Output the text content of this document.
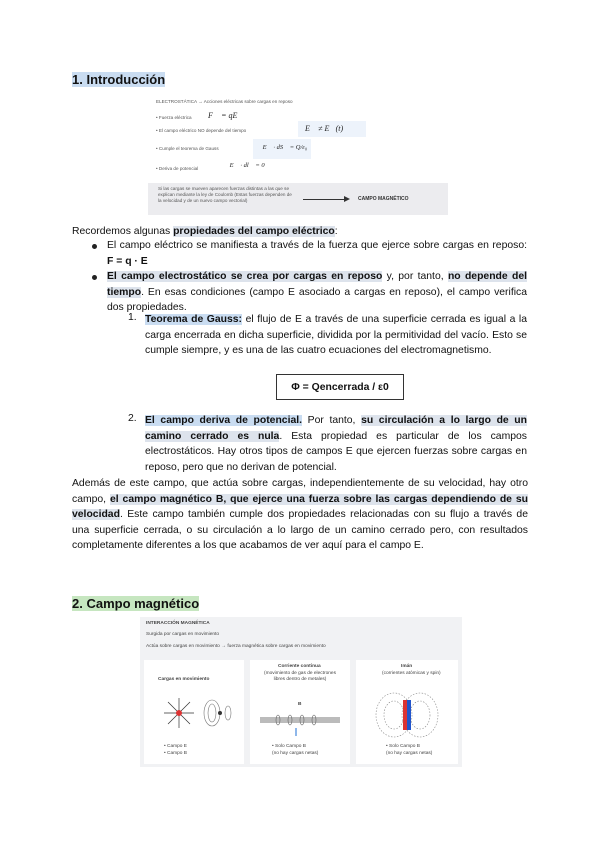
1. Introducción
ELECTROSTÁTICA → Acciones eléctricas sobre cargas en reposo
• Fuerza eléctrica F⃗ = qE⃗
• El campo eléctrico NO depende del tiempo	E⃗ ≠ E⃗(t)
• Cumple el teorema de Gauss	∯ E⃗ · dS⃗ = Q/ε₀
• Deriva de potencial	∮ E⃗ · dl⃗ = 0
Si las cargas se mueven aparecen fuerzas distintas a las que se explican mediante la ley de Coulomb (Estas fuerzas dependen de la velocidad y de un nuevo campo vectorial)	CAMPO MAGNÉTICO
Recordemos algunas propiedades del campo eléctrico:
El campo eléctrico se manifiesta a través de la fuerza que ejerce sobre cargas en reposo: F = q · E
El campo electrostático se crea por cargas en reposo y, por tanto, no depende del tiempo. En esas condiciones (campo E asociado a cargas en reposo), el campo verifica dos propiedades.
1. Teorema de Gauss: el flujo de E a través de una superficie cerrada es igual a la carga encerrada en dicha superficie, dividida por la permitividad del vacío. Esto se cumple siempre, y es una de las cuatro ecuaciones del electromagnetismo.
Φ = Qencerrada / ε0
2. El campo deriva de potencial. Por tanto, su circulación a lo largo de un camino cerrado es nula. Esta propiedad es particular de los campos electrostáticos. Hay otros tipos de campos E que ejercen fuerzas sobre cargas en reposo, pero que no derivan de potencial.
Además de este campo, que actúa sobre cargas, independientemente de su velocidad, hay otro campo, el campo magnético B, que ejerce una fuerza sobre las cargas dependiendo de su velocidad. Este campo también cumple dos propiedades relacionadas con su flujo a través de una superficie cerrada, o su circulación a lo largo de un camino cerrado pero, con resultados completamente diferentes a los que acabamos de ver aquí para el campo E.
2. Campo magnético
INTERACCIÓN MAGNÉTICA
Surgida por cargas en movimiento
Actúa sobre cargas en movimiento → fuerza magnética sobre cargas en movimiento
Cargas en movimiento
• Campo E
• Campo B
Corriente continua
(movimiento de gas de electrones libres dentro de metales)
B
• Solo Campo B
(no hay cargas netas)
Imán
(corrientes atómicas y spin)
• Solo Campo B
(no hay cargas netas)
